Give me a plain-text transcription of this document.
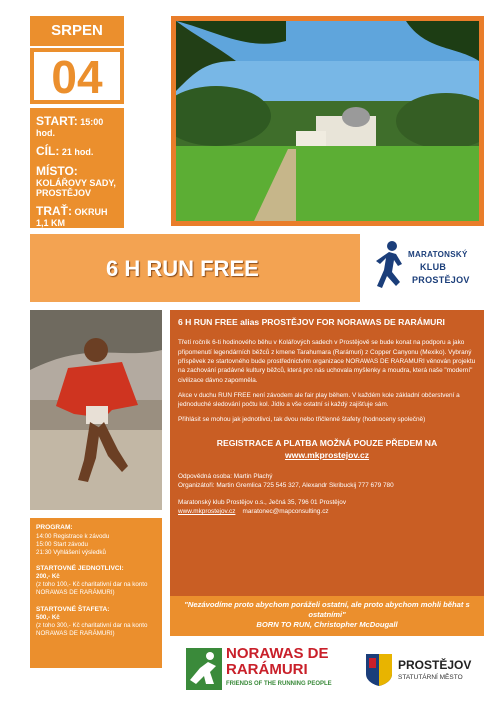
SRPEN
04
START: 15:00 hod.
CÍL: 21 hod.
MÍSTO:
KOLÁŘOVY SADY, PROSTĚJOV
TRAŤ: OKRUH
1,1 KM
6 H RUN FREE
MARATONSKÝ
KLUB
PROSTĚJOV
6 H RUN FREE alias PROSTĚJOV FOR NORAWAS DE RARÁMURI

Třetí ročník 6-ti hodinového běhu v Kolářových sadech v Prostějově se bude konat na podporu a jako připomenutí legendárních běžců z kmene Tarahumara (Rarámuri) z Copper Canyonu (Mexiko). Vybraný příspěvek ze startovného bude prostřednictvím organizace NORAWAS DE RARAMURI věnován projektu na zachování pradávné kultury běžců, která pro nás uchovala myšlenky a moudra, která naše "moderní" civilizace dávno zapomněla.

Akce v duchu RUN FREE není závodem ale fair play během. V každém kole základní občerstvení a jednoduché sledování počtu kol. Jídlo a vše ostatní si každý zajišťuje sám.

Přihlásit se mohou jak jednotlivci, tak dvou nebo třičlenné štafety (hodnoceny společně)

REGISTRACE A PLATBA MOŽNÁ POUZE PŘEDEM NA
www.mkprostejov.cz

Odpovědná osoba: Martin Plachý

Organizátoři: Martin Gremlica 725 545 327, Alexandr Skribuckij 777 679 780

Maratonský klub Prostějov o.s., Ječná 35, 796 01 Prostějov

www.mkprostejov.cz maratonec@mapconsulting.cz

PROGRAM:
14:00 Registrace k závodu
15:00 Start závodu
21:30 Vyhlášení výsledků
STARTOVNÉ JEDNOTLIVCI:
200,- Kč
(z toho 100,- Kč charitativní dar na konto NORAWAS DE RARÁMURI)
STARTOVNÉ ŠTAFETA:
500,- Kč
(z toho 300,- Kč charitativní dar na konto NORAWAS DE RARÁMURI)
"Nezávodíme proto abychom poráželi ostatní, ale proto abychom mohli běhat s ostatními"
BORN TO RUN, Christopher McDougall
NORAWAS DE
RARÁMURI
FRIENDS OF THE RUNNING PEOPLE
PROSTĚJOV
STATUTÁRNÍ MĚSTO
